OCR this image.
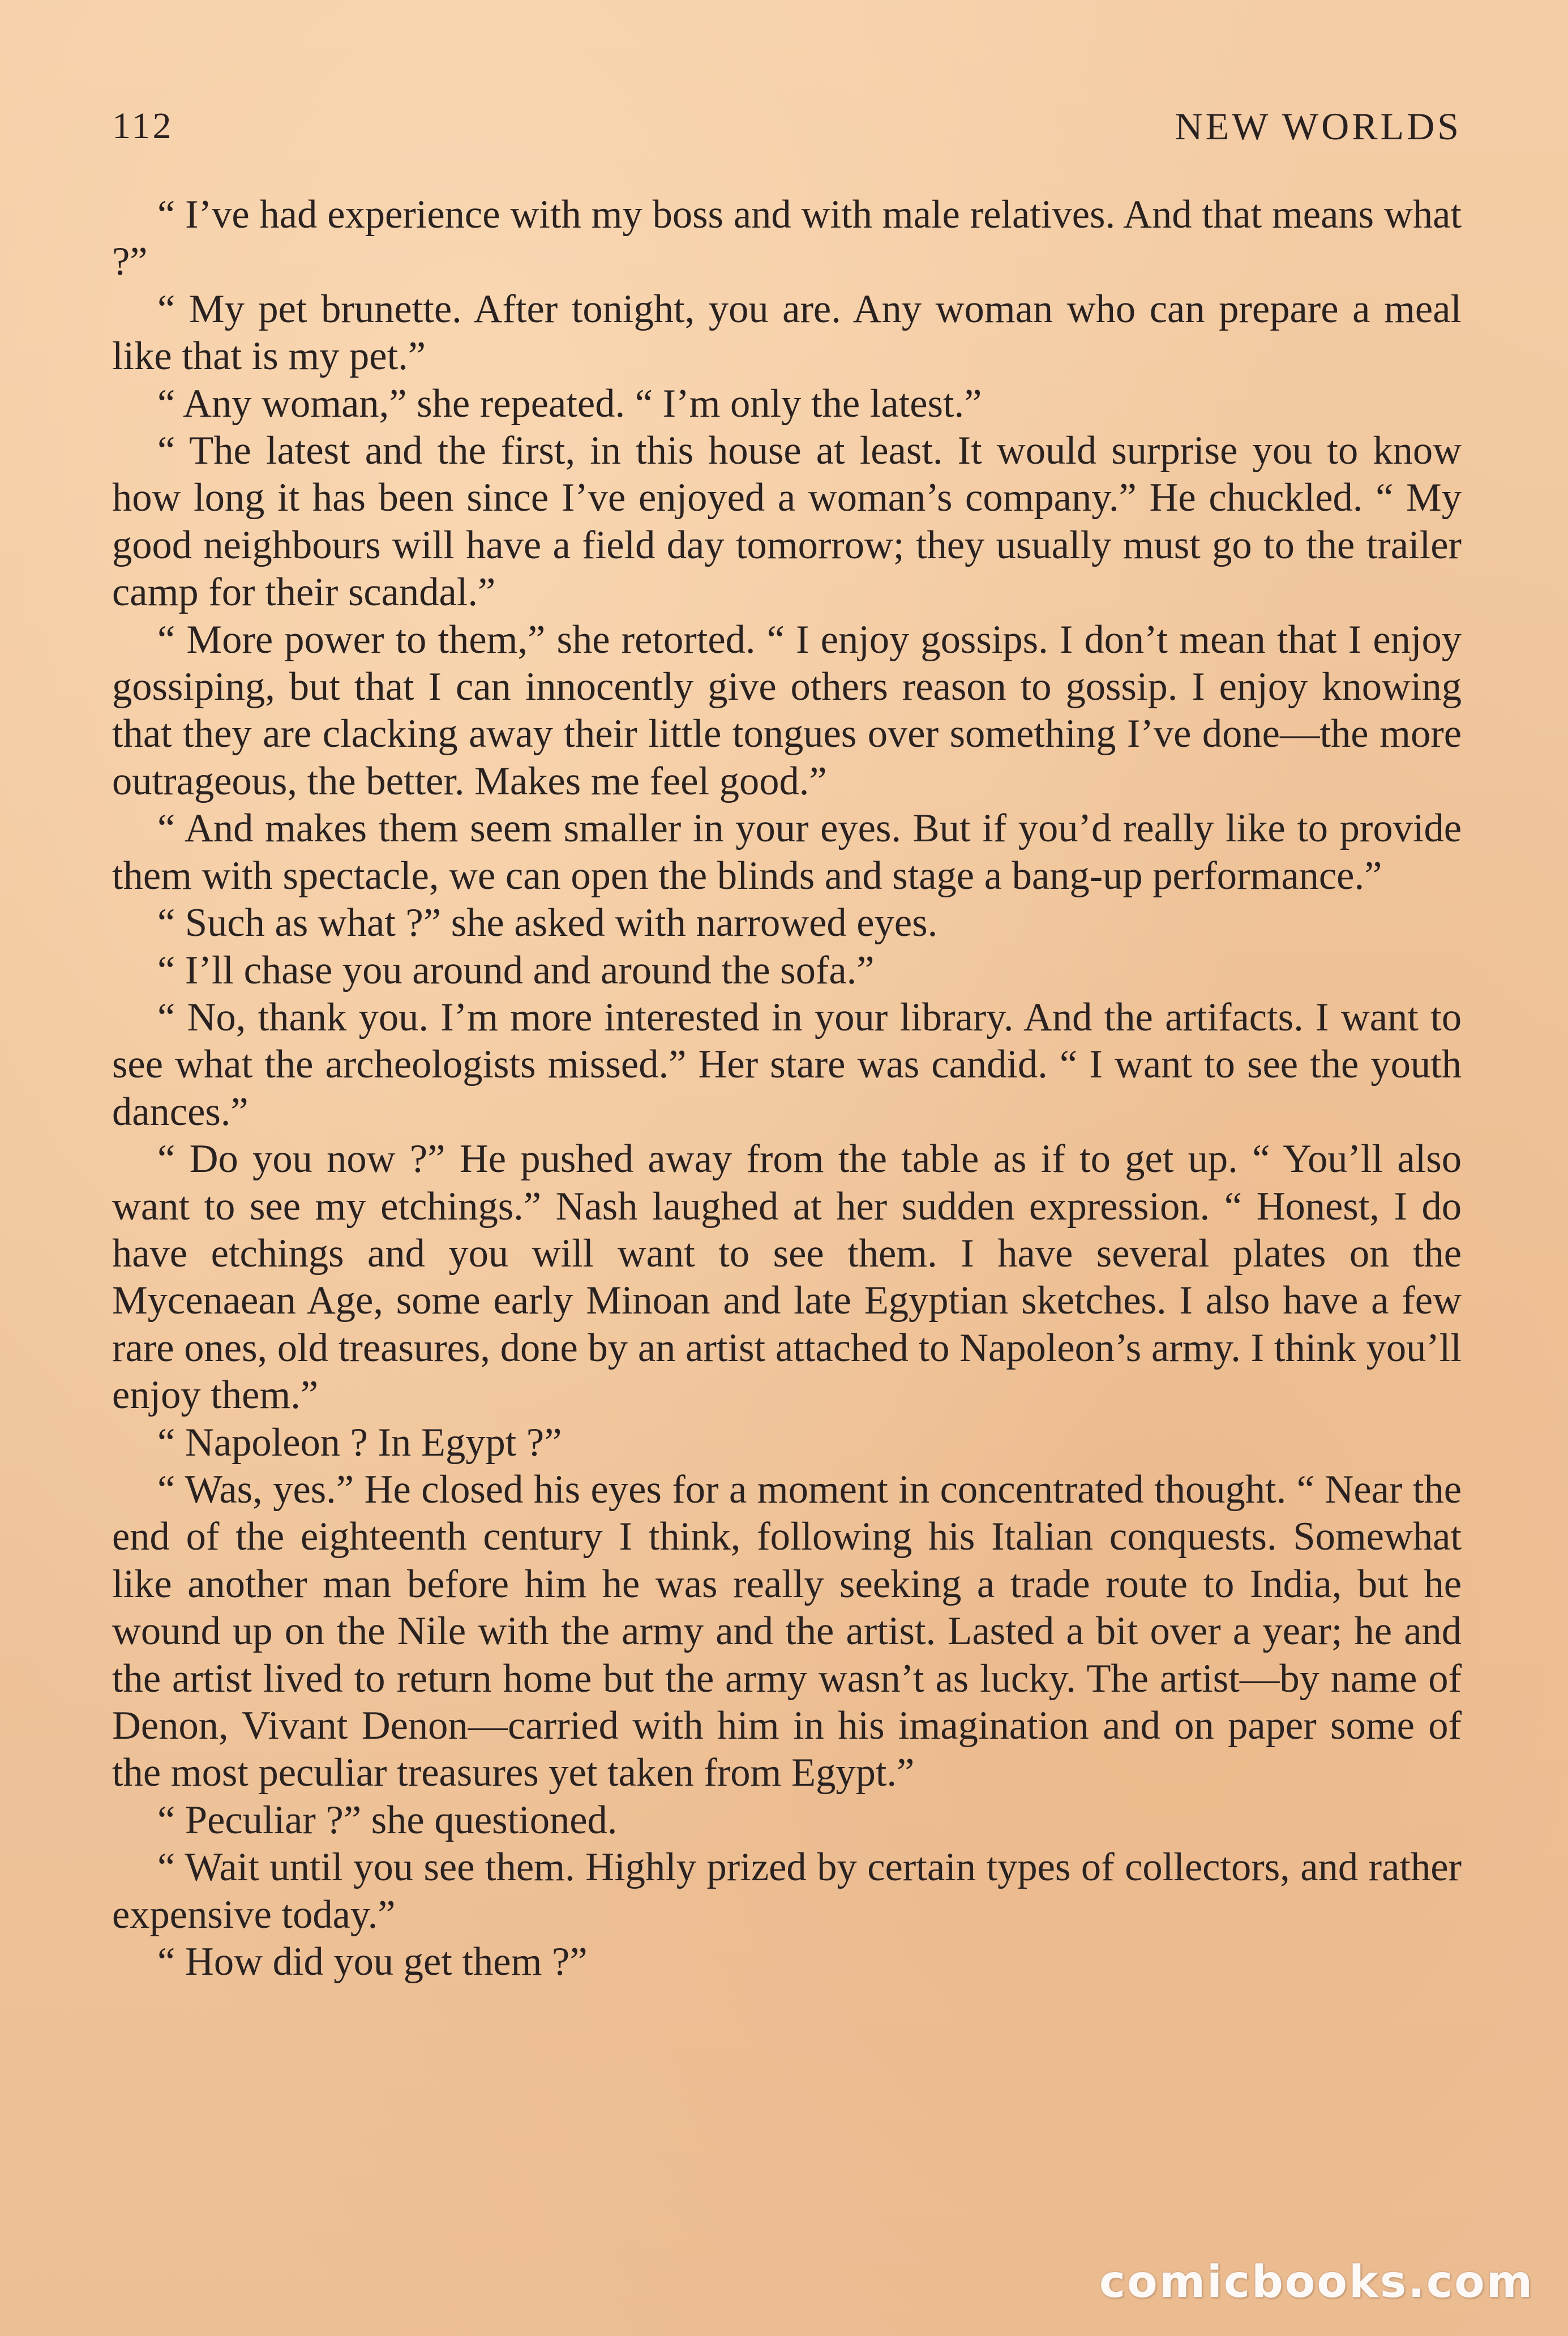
112	NEW WORLDS

“ I’ve had experience with my boss and with male relatives. And that means what ?”

“ My pet brunette. After tonight, you are. Any woman who can prepare a meal like that is my pet.”

“ Any woman,” she repeated. “ I’m only the latest.”

“ The latest and the first, in this house at least. It would surprise you to know how long it has been since I’ve enjoyed a woman’s company.” He chuckled. “ My good neighbours will have a field day tomorrow; they usually must go to the trailer camp for their scandal.”

“ More power to them,” she retorted. “ I enjoy gossips. I don’t mean that I enjoy gossiping, but that I can innocently give others reason to gossip. I enjoy knowing that they are clacking away their little tongues over something I’ve done—the more outrageous, the better. Makes me feel good.”

“ And makes them seem smaller in your eyes. But if you’d really like to provide them with spectacle, we can open the blinds and stage a bang-up performance.”

“ Such as what ?” she asked with narrowed eyes.

“ I’ll chase you around and around the sofa.”

“ No, thank you. I’m more interested in your library. And the artifacts. I want to see what the archeologists missed.” Her stare was candid. “ I want to see the youth dances.”

“ Do you now ?” He pushed away from the table as if to get up. “ You’ll also want to see my etchings.” Nash laughed at her sudden expression. “ Honest, I do have etchings and you will want to see them. I have several plates on the Mycenaean Age, some early Minoan and late Egyptian sketches. I also have a few rare ones, old treasures, done by an artist attached to Napoleon’s army. I think you’ll enjoy them.”

“ Napoleon ? In Egypt ?”

“ Was, yes.” He closed his eyes for a moment in concentrated thought. “ Near the end of the eighteenth century I think, following his Italian conquests. Somewhat like another man before him he was really seeking a trade route to India, but he wound up on the Nile with the army and the artist. Lasted a bit over a year; he and the artist lived to return home but the army wasn’t as lucky. The artist—by name of Denon, Vivant Denon—carried with him in his imagination and on paper some of the most peculiar treasures yet taken from Egypt.”

“ Peculiar ?” she questioned.

“ Wait until you see them. Highly prized by certain types of collectors, and rather expensive today.”

“ How did you get them ?”

comicbooks.com
